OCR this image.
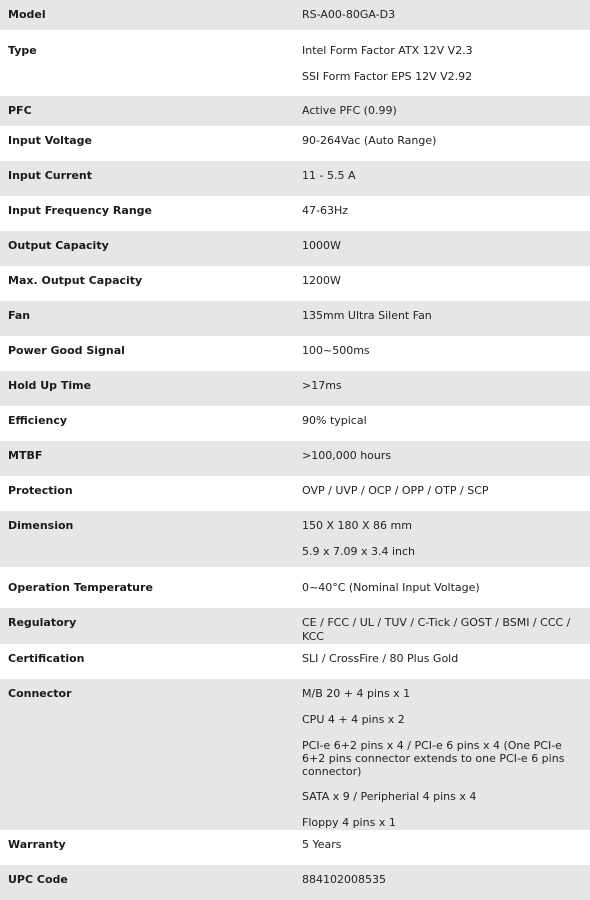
Model	RS-A00-80GA-D3

Type	Intel Form Factor ATX 12V V2.3
SSI Form Factor EPS 12V V2.92

PFC	Active PFC (0.99)

Input Voltage	90-264Vac (Auto Range)

Input Current	11 - 5.5 A

Input Frequency Range	47-63Hz

Output Capacity	1000W

Max. Output Capacity	1200W

Fan	135mm Ultra Silent Fan

Power Good Signal	100~500ms

Hold Up Time	>17ms

Efficiency	90% typical

MTBF	>100,000 hours

Protection	OVP / UVP / OCP / OPP / OTP / SCP

Dimension	150 X 180 X 86 mm
5.9 x 7.09 x 3.4 inch

Operation Temperature	0~40°C (Nominal Input Voltage)

Regulatory	CE / FCC / UL / TUV / C-Tick / GOST / BSMI / CCC / KCC

Certification	SLI / CrossFire / 80 Plus Gold

Connector	M/B 20 + 4 pins x 1
CPU 4 + 4 pins x 2
PCI-e 6+2 pins x 4 / PCI-e 6 pins x 4 (One PCI-e 6+2 pins connector extends to one PCI-e 6 pins connector)
SATA x 9 / Peripherial 4 pins x 4
Floppy 4 pins x 1

Warranty	5 Years

UPC Code	884102008535
